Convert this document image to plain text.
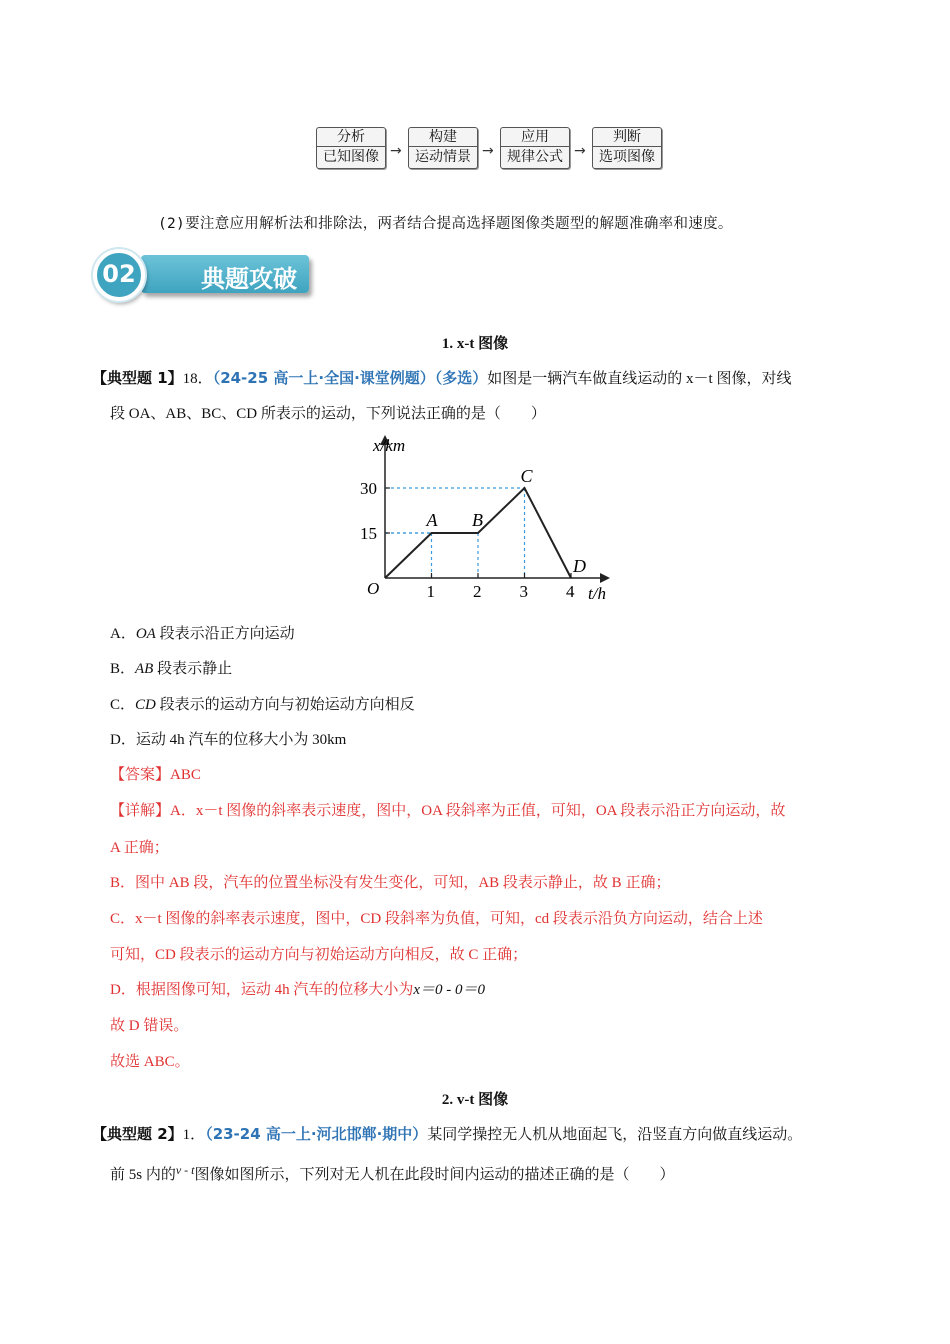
分析
已知图像 →
构建
运动情景 →
应用
规律公式 →
判断
选项图像
(2)要注意应用解析法和排除法，两者结合提高选择题图像类题型的解题准确率和速度。
典题攻破
02
1. x-t 图像
【典型题 1】18．（24-25 高一上·全国·课堂例题）（多选）如图是一辆汽车做直线运动的 x－t 图像，对线
段 OA、AB、BC、CD 所表示的运动，下列说法正确的是（　　）
1 2 3 4
30
15
A B
C
D
x/km
t/h
O
A．OA 段表示沿正方向运动
B．AB 段表示静止
C．CD 段表示的运动方向与初始运动方向相反
D．运动 4h 汽车的位移大小为 30km
【答案】ABC
【详解】A．x－t 图像的斜率表示速度，图中，OA 段斜率为正值，可知，OA 段表示沿正方向运动，故
A 正确；
B．图中 AB 段，汽车的位置坐标没有发生变化，可知，AB 段表示静止，故 B 正确；
C．x－t 图像的斜率表示速度，图中，CD 段斜率为负值，可知，cd 段表示沿负方向运动，结合上述
可知，CD 段表示的运动方向与初始运动方向相反，故 C 正确；
D．根据图像可知，运动 4h 汽车的位移大小为x＝0 - 0＝0
故 D 错误。
故选 ABC。
2. v-t 图像
【典型题 2】1．（23-24 高一上·河北邯郸·期中）某同学操控无人机从地面起飞，沿竖直方向做直线运动。
前 5s 内的$^{v - t}$图像如图所示，下列对无人机在此段时间内运动的描述正确的是（　　）
